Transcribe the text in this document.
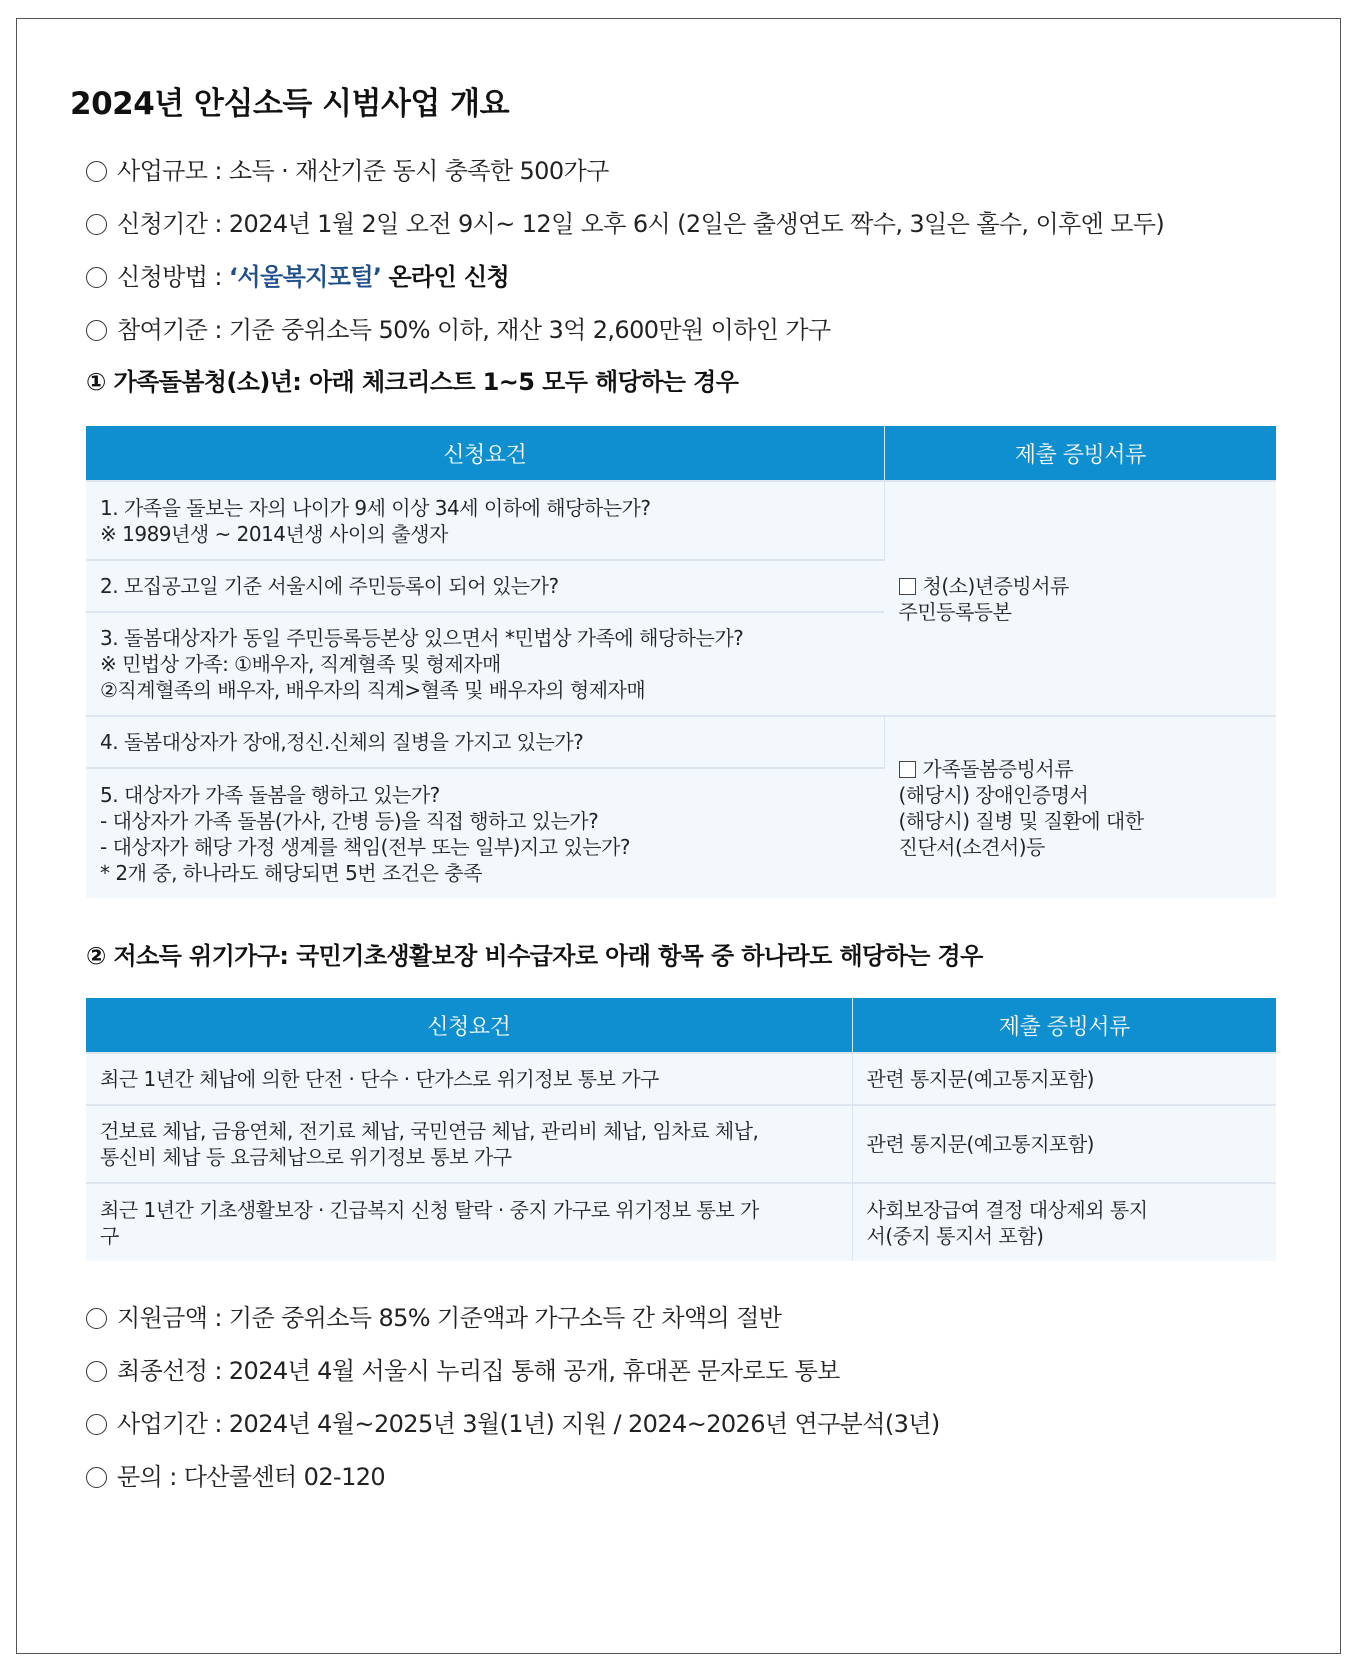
2024년 안심소득 시범사업 개요
사업규모 : 소득 · 재산기준 동시 충족한 500가구
신청기간 : 2024년 1월 2일 오전 9시~ 12일 오후 6시 (2일은 출생연도 짝수, 3일은 홀수, 이후엔 모두)
신청방법 : ‘서울복지포털’
온라인 신청
참여기준 : 기준 중위소득 50% 이하, 재산 3억 2,600만원 이하인 가구
① 가족돌봄청(소)년: 아래 체크리스트 1~5 모두 해당하는 경우
신청요건	제출 증빙서류

1. 가족을 돌보는 자의 나이가 9세 이상 34세 이하에 해당하는가?
※ 1989년생 ~ 2014년생 사이의 출생자	청(소)년증빙서류
주민등록등본

2. 모집공고일 기준 서울시에 주민등록이 되어 있는가?	

3. 돌봄대상자가 동일 주민등록등본상 있으면서 *민법상 가족에 해당하는가?
※ 민법상 가족: ①배우자, 직계혈족 및 형제자매
②직계혈족의 배우자, 배우자의 직계>혈족 및 배우자의 형제자매	

4. 돌봄대상자가 장애,정신.신체의 질병을 가지고 있는가?	가족돌봄증빙서류
(해당시) 장애인증명서
(해당시) 질병 및 질환에 대한
진단서(소견서)등

5. 대상자가 가족 돌봄을 행하고 있는가?
- 대상자가 가족 돌봄(가사, 간병 등)을 직접 행하고 있는가?
- 대상자가 해당 가정 생계를 책임(전부 또는 일부)지고 있는가?
* 2개 중, 하나라도 해당되면 5번 조건은 충족	
② 저소득 위기가구: 국민기초생활보장 비수급자로 아래 항목 중 하나라도 해당하는 경우
신청요건	제출 증빙서류

최근 1년간 체납에 의한 단전 · 단수 · 단가스로 위기정보 통보 가구	관련 통지문(예고통지포함)

건보료 체납, 금융연체, 전기료 체납, 국민연금 체납, 관리비 체납, 임차료 체납,
통신비 체납 등 요금체납으로 위기정보 통보 가구	관련 통지문(예고통지포함)

최근 1년간 기초생활보장 · 긴급복지 신청 탈락 · 중지 가구로 위기정보 통보 가
구	사회보장급여 결정 대상제외 통지
서(중지 통지서 포함)
지원금액 : 기준 중위소득 85% 기준액과 가구소득 간 차액의 절반
최종선정 : 2024년 4월 서울시 누리집 통해 공개, 휴대폰 문자로도 통보
사업기간 : 2024년 4월~2025년 3월(1년) 지원 / 2024~2026년 연구분석(3년)
문의 : 다산콜센터 02-120
